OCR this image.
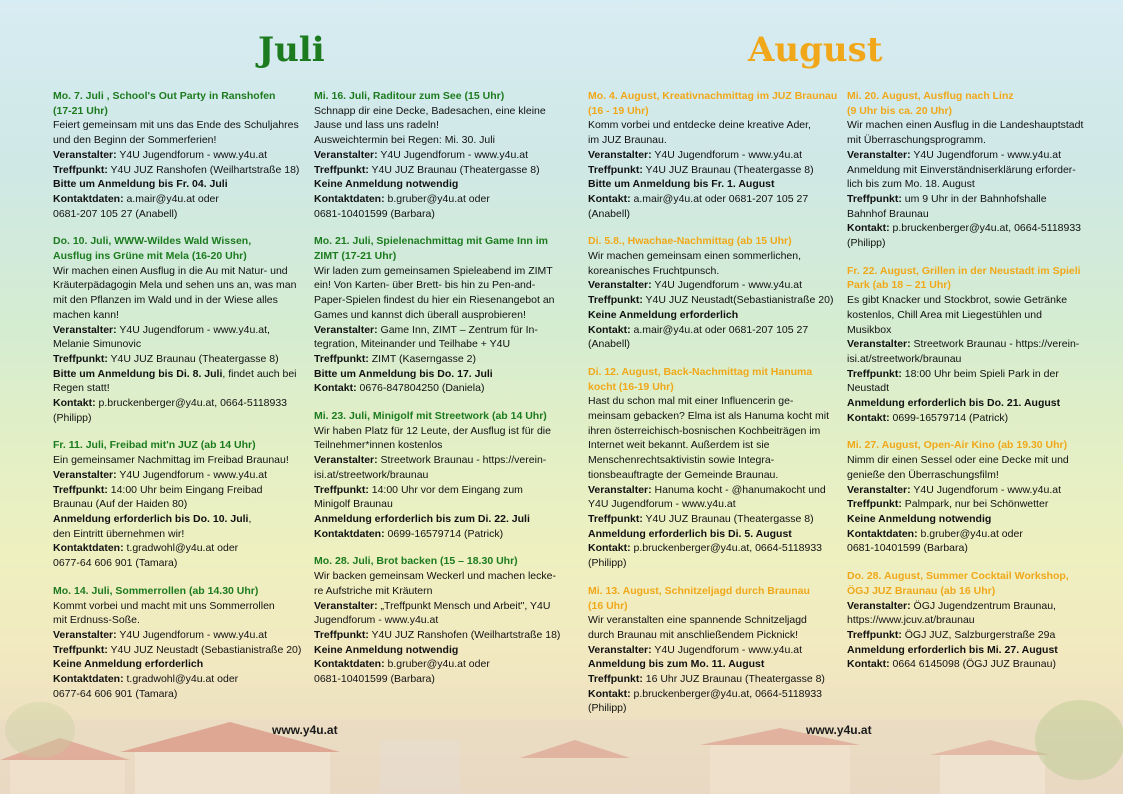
Juli
Mo. 7. Juli , School's Out Party in Ranshofen
(17-21 Uhr)
Feiert gemeinsam mit uns das Ende des Schuljahres
und den Beginn der Sommerferien!
Veranstalter: Y4U Jugendforum - www.y4u.at
Treffpunkt: Y4U JUZ Ranshofen (Weilhartstraße 18)
Bitte um Anmeldung bis Fr. 04. Juli
Kontaktdaten: a.mair@y4u.at oder
0681-207 105 27 (Anabell)
Do. 10. Juli, WWW-Wildes Wald Wissen,
Ausflug ins Grüne mit Mela (16-20 Uhr)
Wir machen einen Ausflug in die Au mit Natur- und
Kräuterpädagogin Mela und sehen uns an, was man
mit den Pflanzen im Wald und in der Wiese alles
machen kann!
Veranstalter: Y4U Jugendforum - www.y4u.at,
Melanie Simunovic
Treffpunkt: Y4U JUZ Braunau (Theatergasse 8)
Bitte um Anmeldung bis Di. 8. Juli, findet auch bei
Regen statt!
Kontakt: p.bruckenberger@y4u.at, 0664-5118933
(Philipp)
Fr. 11. Juli, Freibad mit'n JUZ (ab 14 Uhr)
Ein gemeinsamer Nachmittag im Freibad Braunau!
Veranstalter: Y4U Jugendforum - www.y4u.at
Treffpunkt: 14:00 Uhr beim Eingang Freibad
Braunau (Auf der Haiden 80)
Anmeldung erforderlich bis Do. 10. Juli,
den Eintritt übernehmen wir!
Kontaktdaten: t.gradwohl@y4u.at oder
0677-64 606 901 (Tamara)
Mo. 14. Juli, Sommerrollen (ab 14.30 Uhr)
Kommt vorbei und macht mit uns Sommerrollen
mit Erdnuss-Soße.
Veranstalter: Y4U Jugendforum - www.y4u.at
Treffpunkt: Y4U JUZ Neustadt (Sebastianistraße 20)
Keine Anmeldung erforderlich
Kontaktdaten: t.gradwohl@y4u.at oder
0677-64 606 901 (Tamara)
Mi. 16. Juli, Raditour zum See (15 Uhr)
Schnapp dir eine Decke, Badesachen, eine kleine
Jause und lass uns radeln!
Ausweichtermin bei Regen: Mi. 30. Juli
Veranstalter: Y4U Jugendforum - www.y4u.at
Treffpunkt: Y4U JUZ Braunau (Theatergasse 8)
Keine Anmeldung notwendig
Kontaktdaten: b.gruber@y4u.at oder
0681-10401599 (Barbara)
Mo. 21. Juli, Spielenachmittag mit Game Inn im
ZIMT (17-21 Uhr)
Wir laden zum gemeinsamen Spieleabend im ZIMT
ein! Von Karten- über Brett- bis hin zu Pen-and-
Paper-Spielen findest du hier ein Riesenangebot an
Games und kannst dich überall ausprobieren!
Veranstalter: Game Inn, ZIMT – Zentrum für In-
tegration, Miteinander und Teilhabe + Y4U
Treffpunkt: ZIMT (Kaserngasse 2)
Bitte um Anmeldung bis Do. 17. Juli
Kontakt: 0676-847804250 (Daniela)
Mi. 23. Juli, Minigolf mit Streetwork (ab 14 Uhr)
Wir haben Platz für 12 Leute, der Ausflug ist für die
Teilnehmer*innen kostenlos
Veranstalter: Streetwork Braunau - https://verein-
isi.at/streetwork/braunau
Treffpunkt: 14:00 Uhr vor dem Eingang zum
Minigolf Braunau
Anmeldung erforderlich bis zum Di. 22. Juli
Kontaktdaten: 0699-16579714 (Patrick)
Mo. 28. Juli, Brot backen (15 – 18.30 Uhr)
Wir backen gemeinsam Weckerl und machen lecke-
re Aufstriche mit Kräutern
Veranstalter: „Treffpunkt Mensch und Arbeit", Y4U
Jugendforum - www.y4u.at
Treffpunkt: Y4U JUZ Ranshofen (Weilhartstraße 18)
Keine Anmeldung notwendig
Kontaktdaten: b.gruber@y4u.at oder
0681-10401599 (Barbara)
www.y4u.at
August
Mo. 4. August, Kreativnachmittag im JUZ Braunau
(16 - 19 Uhr)
Komm vorbei und entdecke deine kreative Ader,
im JUZ Braunau.
Veranstalter: Y4U Jugendforum - www.y4u.at
Treffpunkt: Y4U JUZ Braunau (Theatergasse 8)
Bitte um Anmeldung bis Fr. 1. August
Kontakt: a.mair@y4u.at oder 0681-207 105 27
(Anabell)
Di. 5.8., Hwachae-Nachmittag (ab 15 Uhr)
Wir machen gemeinsam einen sommerlichen,
koreanisches Fruchtpunsch.
Veranstalter: Y4U Jugendforum - www.y4u.at
Treffpunkt: Y4U JUZ Neustadt(Sebastianistraße 20)
Keine Anmeldung erforderlich
Kontakt: a.mair@y4u.at oder 0681-207 105 27
(Anabell)
Di. 12. August, Back-Nachmittag mit Hanuma
kocht (16-19 Uhr)
Hast du schon mal mit einer Influencerin ge-
meinsam gebacken? Elma ist als Hanuma kocht mit
ihren österreichisch-bosnischen Kochbeiträgen im
Internet weit bekannt. Außerdem ist sie
Menschenrechtsaktivistin sowie Integra-
tionsbeauftragte der Gemeinde Braunau.
Veranstalter: Hanuma kocht - @hanumakocht und
Y4U Jugendforum - www.y4u.at
Treffpunkt: Y4U JUZ Braunau (Theatergasse 8)
Anmeldung erforderlich bis Di. 5. August
Kontakt: p.bruckenberger@y4u.at, 0664-5118933
(Philipp)
Mi. 13. August, Schnitzeljagd durch Braunau
(16 Uhr)
Wir veranstalten eine spannende Schnitzeljagd
durch Braunau mit anschließendem Picknick!
Veranstalter: Y4U Jugendforum - www.y4u.at
Anmeldung bis zum Mo. 11. August
Treffpunkt: 16 Uhr JUZ Braunau (Theatergasse 8)
Kontakt: p.bruckenberger@y4u.at, 0664-5118933
(Philipp)
Mi. 20. August, Ausflug nach Linz
(9 Uhr bis ca. 20 Uhr)
Wir machen einen Ausflug in die Landeshauptstadt
mit Überraschungsprogramm.
Veranstalter: Y4U Jugendforum - www.y4u.at
Anmeldung mit Einverständniserklärung erforder-
lich bis zum Mo. 18. August
Treffpunkt: um 9 Uhr in der Bahnhofshalle
Bahnhof Braunau
Kontakt: p.bruckenberger@y4u.at, 0664-5118933
(Philipp)
Fr. 22. August, Grillen in der Neustadt im Spieli
Park (ab 18 – 21 Uhr)
Es gibt Knacker und Stockbrot, sowie Getränke
kostenlos, Chill Area mit Liegestühlen und
Musikbox
Veranstalter: Streetwork Braunau - https://verein-
isi.at/streetwork/braunau
Treffpunkt: 18:00 Uhr beim Spieli Park in der
Neustadt
Anmeldung erforderlich bis Do. 21. August
Kontakt: 0699-16579714 (Patrick)
Mi. 27. August, Open-Air Kino (ab 19.30 Uhr)
Nimm dir einen Sessel oder eine Decke mit und
genieße den Überraschungsfilm!
Veranstalter: Y4U Jugendforum - www.y4u.at
Treffpunkt: Palmpark, nur bei Schönwetter
Keine Anmeldung notwendig
Kontaktdaten: b.gruber@y4u.at oder
0681-10401599 (Barbara)
Do. 28. August, Summer Cocktail Workshop,
ÖGJ JUZ Braunau (ab 16 Uhr)
Veranstalter: ÖGJ Jugendzentrum Braunau,
https://www.jcuv.at/braunau
Treffpunkt: ÖGJ JUZ, Salzburgerstraße 29a
Anmeldung erforderlich bis Mi. 27. August
Kontakt: 0664 6145098 (ÖGJ JUZ Braunau)
www.y4u.at
